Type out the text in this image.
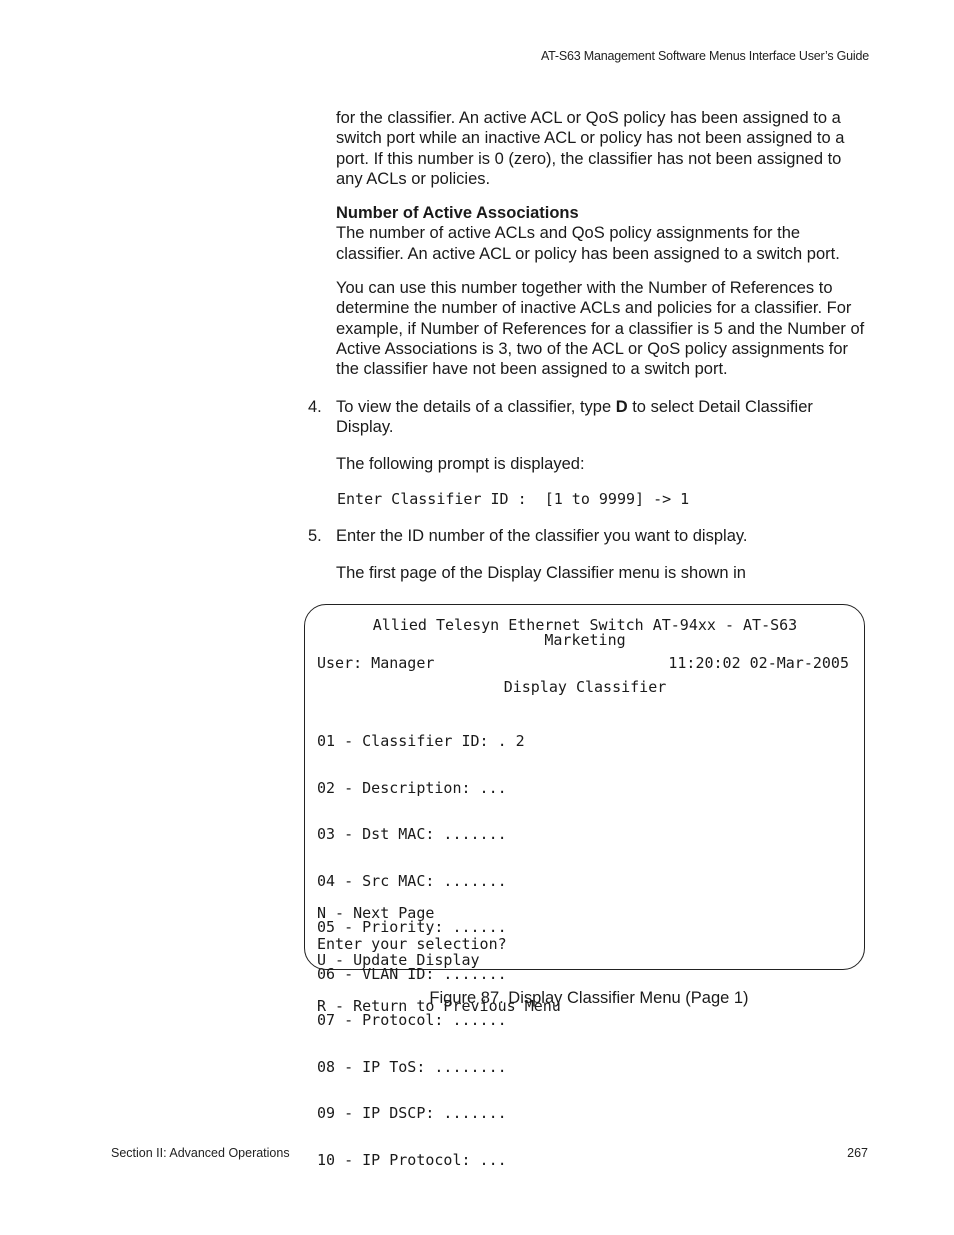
AT-S63 Management Software Menus Interface User’s Guide

for the classifier. An active ACL or QoS policy has been assigned to a switch port while an inactive ACL or policy has not been assigned to a port. If this number is 0 (zero), the classifier has not been assigned to any ACLs or policies.

Number of Active Associations

The number of active ACLs and QoS policy assignments for the classifier. An active ACL or policy has been assigned to a switch port.

You can use this number together with the Number of References to determine the number of inactive ACLs and policies for a classifier. For example, if Number of References for a classifier is 5 and the Number of Active Associations is 3, two of the ACL or QoS policy assignments for the classifier have not been assigned to a switch port.

4. To view the details of a classifier, type D to select Detail Classifier Display.

The following prompt is displayed:
Enter Classifier ID :  [1 to 9999] -> 1
5. Enter the ID number of the classifier you want to display.
The first page of the Display Classifier menu is shown in
Allied Telesyn Ethernet Switch AT-94xx - AT-S63
Marketing
User: Manager	11:20:02 02-Mar-2005
Display Classifier

01 - Classifier ID: . 2

02 - Description: ...

03 - Dst MAC: .......

04 - Src MAC: .......

05 - Priority: ......

06 - VLAN ID: .......

07 - Protocol: ......

08 - IP ToS: ........

09 - IP DSCP: .......

10 - IP Protocol: ...

N - Next Page

U - Update Display

R - Return to Previous Menu

Enter your selection?
Figure 87. Display Classifier Menu (Page 1)
Section II: Advanced Operations	267
